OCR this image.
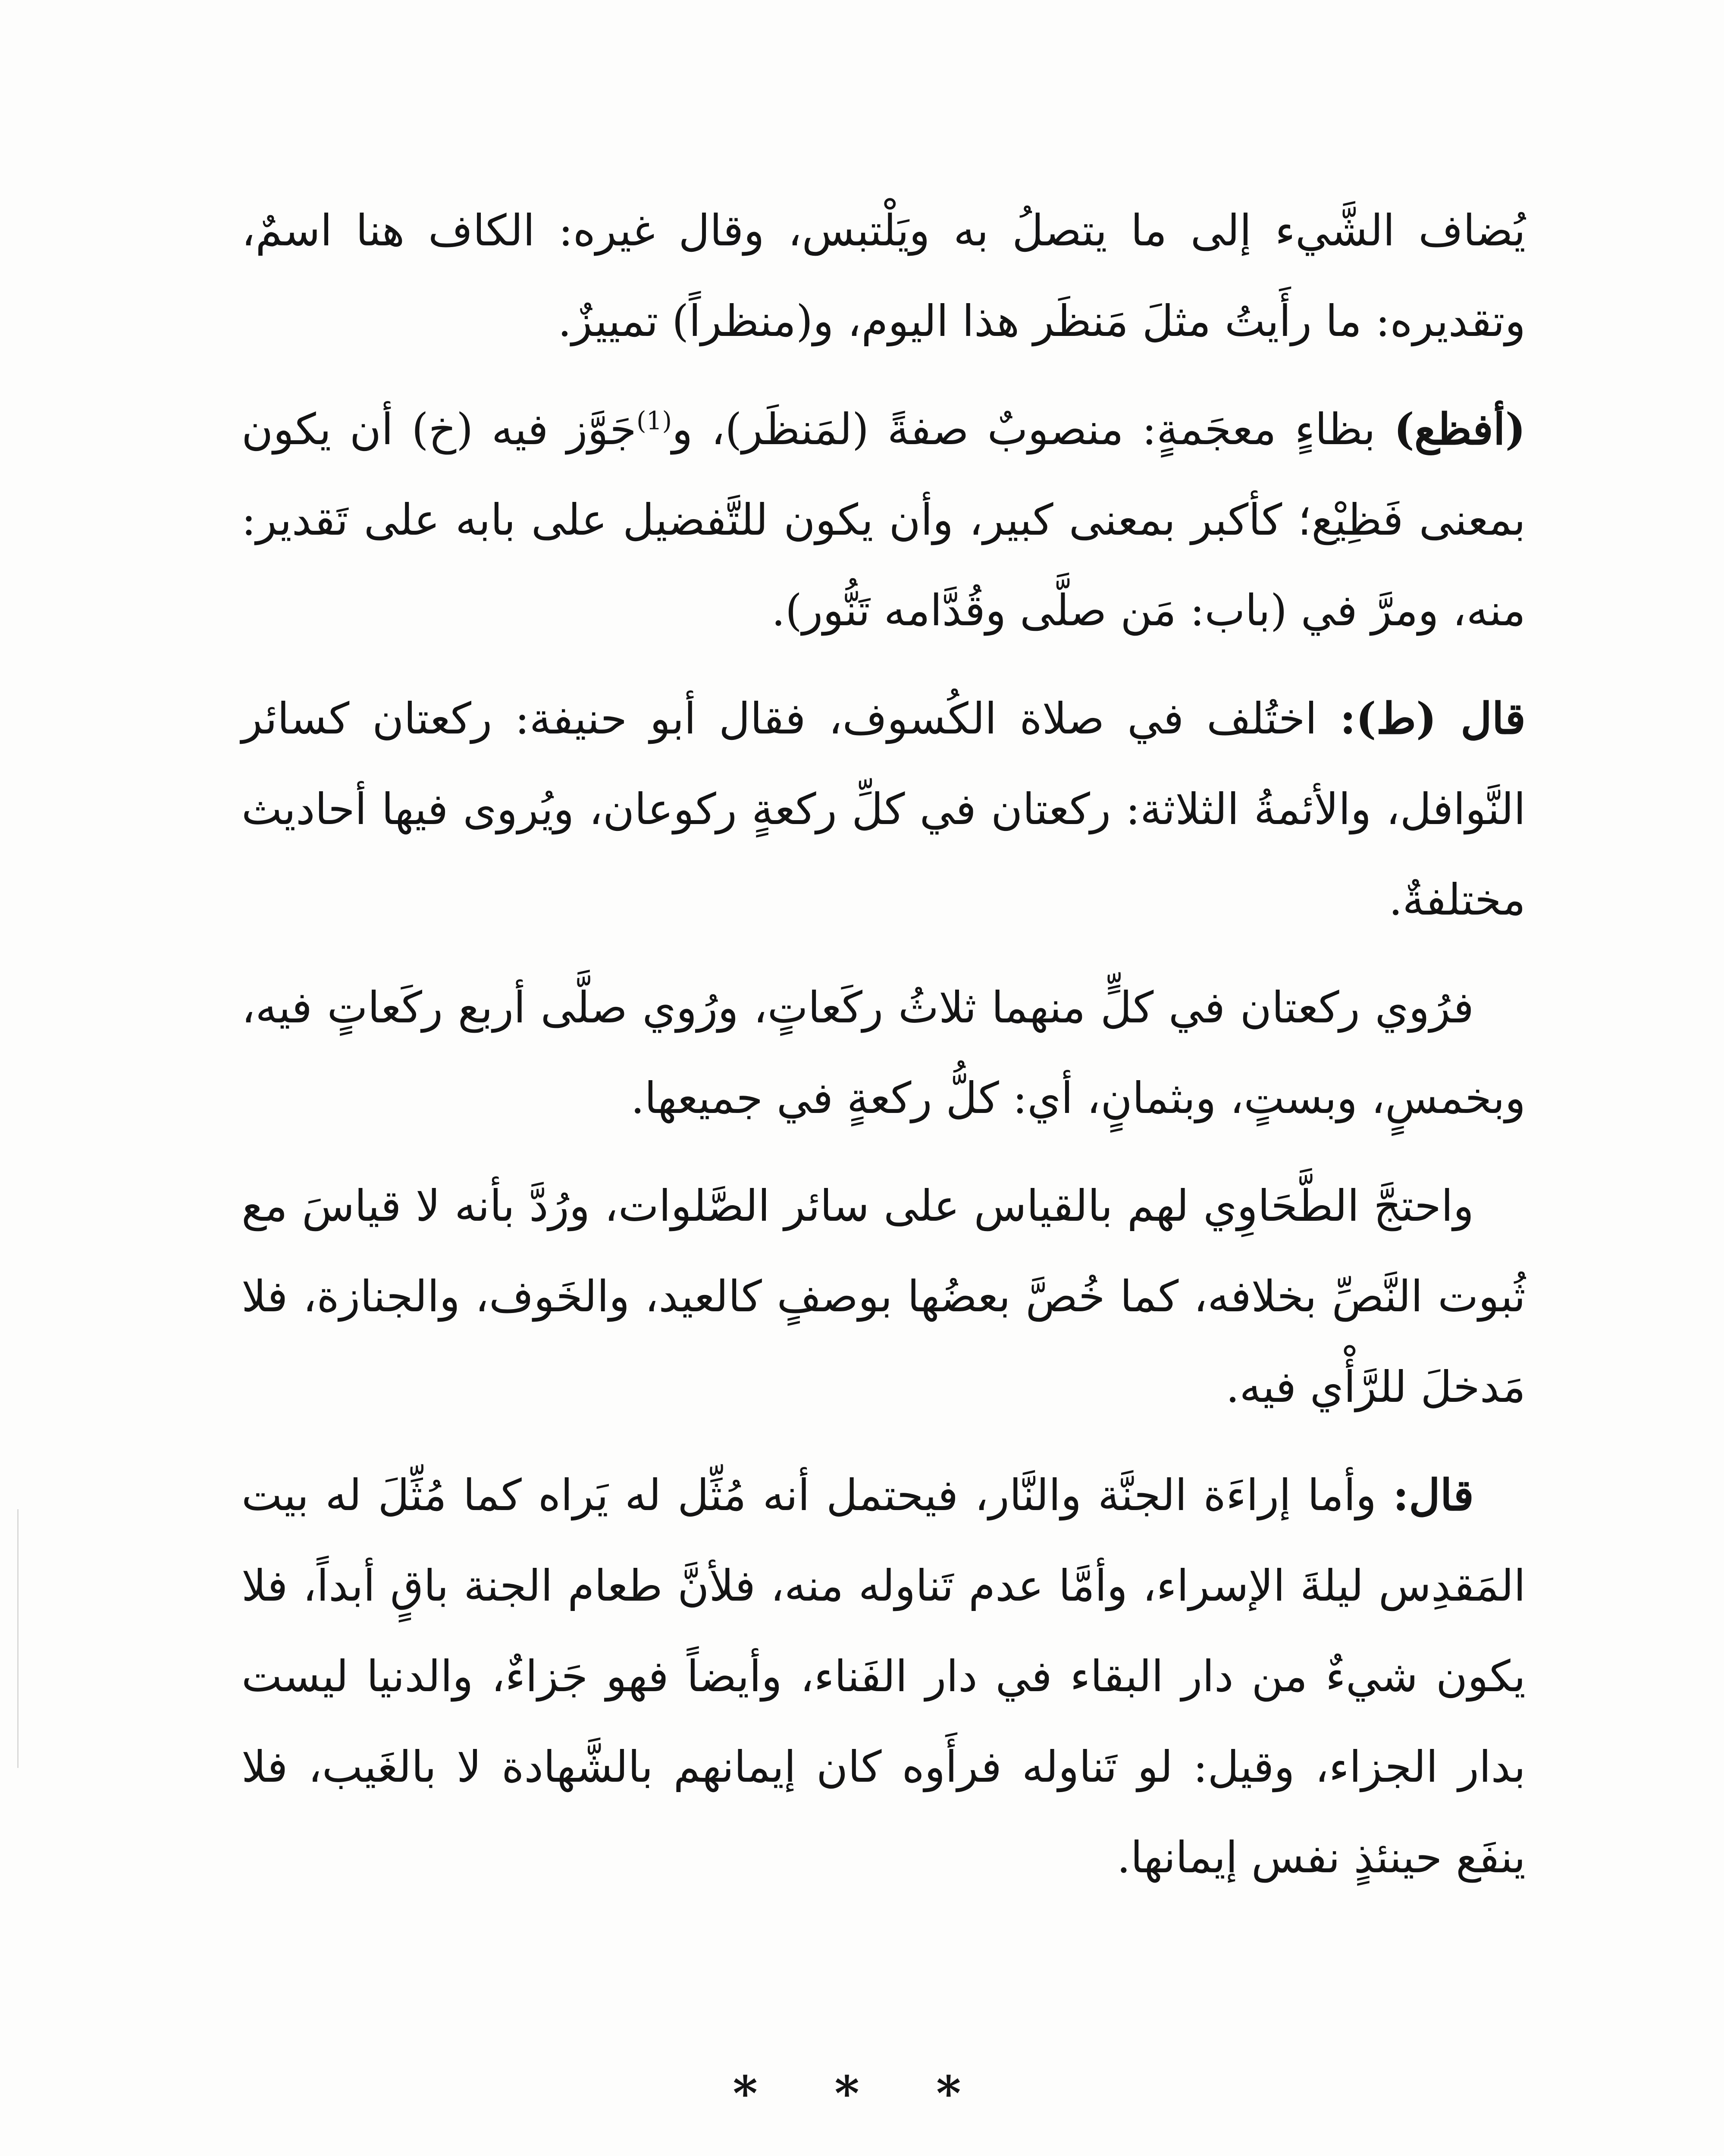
يُضاف الشَّيء إلى ما يتصلُ به ويَلْتبس، وقال غيره: الكاف هنا اسمٌ، وتقديره: ما رأَيتُ مثلَ مَنظَر هذا اليوم، و(منظراً) تمييزٌ.

(أفظع) بظاءٍ معجَمةٍ: منصوبٌ صفةً (لمَنظَر)، و$^{(1)}$جَوَّز فيه (خ) أن يكون بمعنى فَظِيْع؛ كأكبر بمعنى كبير، وأن يكون للتَّفضيل على بابه على تَقدير: منه، ومرَّ في (باب: مَن صلَّى وقُدَّامه تَنُّور).

قال (ط): اختُلف في صلاة الكُسوف، فقال أبو حنيفة: ركعتان كسائر النَّوافل، والأئمةُ الثلاثة: ركعتان في كلِّ ركعةٍ ركوعان، ويُروى فيها أحاديث مختلفةٌ.

فرُوي ركعتان في كلٍّ منهما ثلاثُ ركَعاتٍ، ورُوي صلَّى أربع ركَعاتٍ فيه، وبخمسٍ، وبستٍ، وبثمانٍ، أي: كلُّ ركعةٍ في جميعها.

واحتجَّ الطَّحَاوِي لهم بالقياس على سائر الصَّلوات، ورُدَّ بأنه لا قياسَ مع ثُبوت النَّصِّ بخلافه، كما خُصَّ بعضُها بوصفٍ كالعيد، والخَوف، والجنازة، فلا مَدخلَ للرَّأْي فيه.

قال: وأما إراءَة الجنَّة والنَّار، فيحتمل أنه مُثِّل له يَراه كما مُثِّلَ له بيت المَقدِس ليلةَ الإسراء، وأمَّا عدم تَناوله منه، فلأنَّ طعام الجنة باقٍ أبداً، فلا يكون شيءٌ من دار البقاء في دار الفَناء، وأيضاً فهو جَزاءٌ، والدنيا ليست بدار الجزاء، وقيل: لو تَناوله فرأَوه كان إيمانهم بالشَّهادة لا بالغَيب، فلا ينفَع حينئذٍ نفس إيمانها.

* * *
